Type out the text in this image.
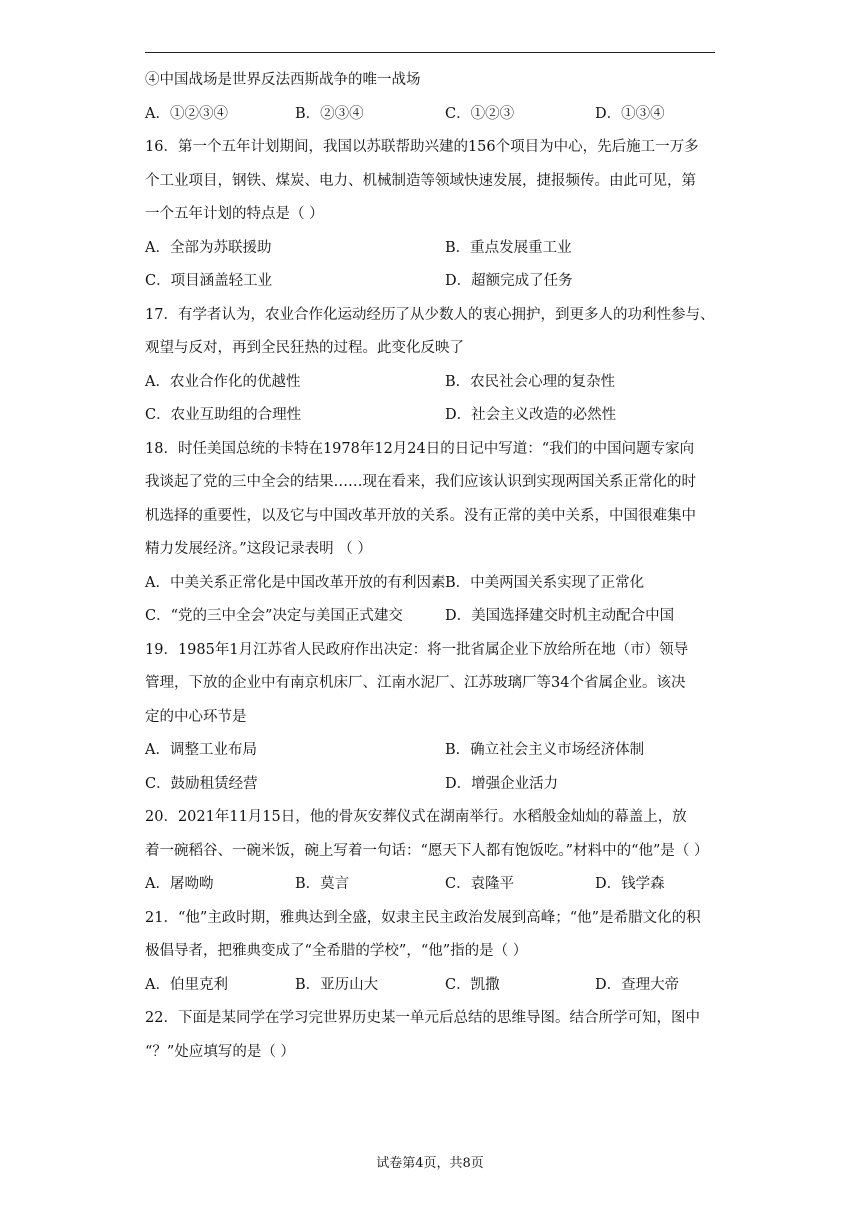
④中国战场是世界反法西斯战争的唯一战场
A．①②③④	B．②③④	C．①②③	D．①③④
16．第一个五年计划期间，我国以苏联帮助兴建的156个项目为中心，先后施工一万多
个工业项目，钢铁、煤炭、电力、机械制造等领域快速发展，捷报频传。由此可见，第
一个五年计划的特点是（ ）
A．全部为苏联援助	B．重点发展重工业
C．项目涵盖轻工业	D．超额完成了任务
17．有学者认为，农业合作化运动经历了从少数人的衷心拥护，到更多人的功利性参与、
观望与反对，再到全民狂热的过程。此变化反映了
A．农业合作化的优越性	B．农民社会心理的复杂性
C．农业互助组的合理性	D．社会主义改造的必然性
18．时任美国总统的卡特在1978年12月24日的日记中写道：“我们的中国问题专家向
我谈起了党的三中全会的结果……现在看来，我们应该认识到实现两国关系正常化的时
机选择的重要性，以及它与中国改革开放的关系。没有正常的美中关系，中国很难集中
精力发展经济。”这段记录表明 （ ）
A．中美关系正常化是中国改革开放的有利因素 B．中美两国关系实现了正常化
C．“党的三中全会”决定与美国正式建交	D．美国选择建交时机主动配合中国
19．1985年1月江苏省人民政府作出决定：将一批省属企业下放给所在地（市）领导
管理，下放的企业中有南京机床厂、江南水泥厂、江苏玻璃厂等34个省属企业。该决
定的中心环节是
A．调整工业布局	B．确立社会主义市场经济体制
C．鼓励租赁经营	D．增强企业活力
20．2021年11月15日，他的骨灰安葬仪式在湖南举行。水稻般金灿灿的幕盖上，放
着一碗稻谷、一碗米饭，碗上写着一句话：“愿天下人都有饱饭吃。”材料中的“他”是（ ）
A．屠呦呦	B．莫言	C．袁隆平	D．钱学森
21．“他”主政时期，雅典达到全盛，奴隶主民主政治发展到高峰；“他”是希腊文化的积
极倡导者，把雅典变成了“全希腊的学校”，“他”指的是（ ）
A．伯里克利	B．亚历山大	C．凯撒	D．查理大帝
22．下面是某同学在学习完世界历史某一单元后总结的思维导图。结合所学可知，图中
“？”处应填写的是（ ）
试卷第4页，共8页
